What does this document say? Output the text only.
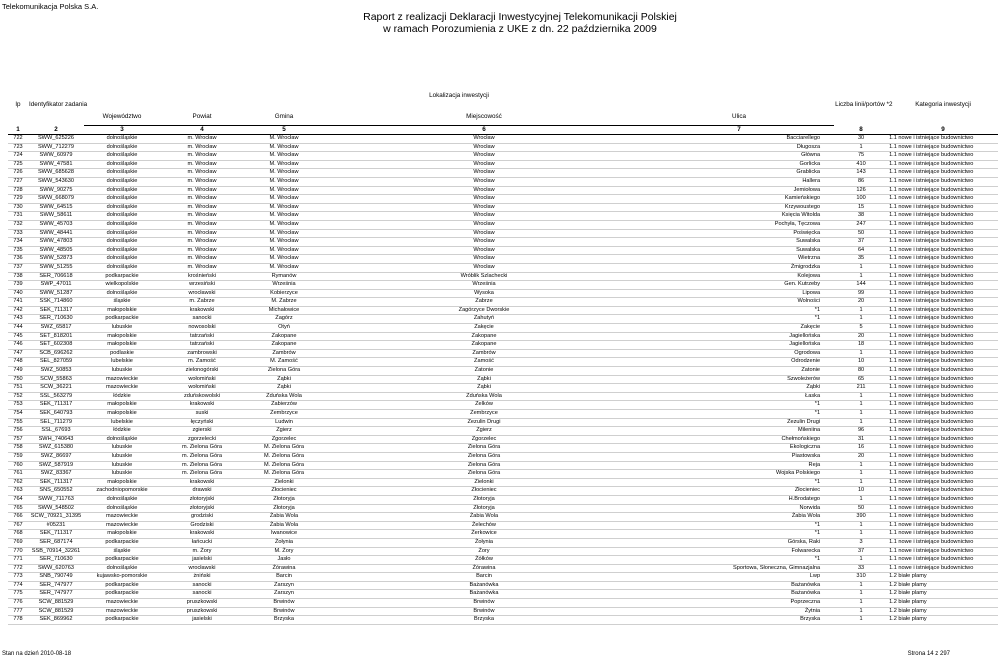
Telekomunikacja Polska S.A.
Raport z realizacji Deklaracji Inwestycyjnej Telekomunikacji Polskiej
w ramach Porozumienia z UKE z dn. 22 października 2009
lp	Identyfikator zadania	Lokalizacja inwestycji					Liczba linii/portów *2	Kategoria inwestycji
		Województwo	Powiat	Gmina	Miejscowość	Ulica		
1	2	3	4	5	6	7	8	9
722	SWW_625226	dolnośląskie	m. Wrocław	M. Wrocław	Wrocław	Bacciarellego	30	1.1 nowe i istniejące budownictwo
723	SWW_712279	dolnośląskie	m. Wrocław	M. Wrocław	Wrocław	Długosza	1	1.1 nowe i istniejące budownictwo
724	SWW_60979	dolnośląskie	m. Wrocław	M. Wrocław	Wrocław	Główna	75	1.1 nowe i istniejące budownictwo
725	SWW_47581	dolnośląskie	m. Wrocław	M. Wrocław	Wrocław	Gorlicka	410	1.1 nowe i istniejące budownictwo
726	SWW_685628	dolnośląskie	m. Wrocław	M. Wrocław	Wrocław	Grablicka	143	1.1 nowe i istniejące budownictwo
727	SWW_543630	dolnośląskie	m. Wrocław	M. Wrocław	Wrocław	Hallera	86	1.1 nowe i istniejące budownictwo
728	SWW_90275	dolnośląskie	m. Wrocław	M. Wrocław	Wrocław	Jemiołowa	126	1.1 nowe i istniejące budownictwo
729	SWW_668079	dolnośląskie	m. Wrocław	M. Wrocław	Wrocław	Kamieńskiego	100	1.1 nowe i istniejące budownictwo
730	SWW_64515	dolnośląskie	m. Wrocław	M. Wrocław	Wrocław	Krzywoustego	15	1.1 nowe i istniejące budownictwo
731	SWW_58611	dolnośląskie	m. Wrocław	M. Wrocław	Wrocław	Księcia Witolda	38	1.1 nowe i istniejące budownictwo
732	SWW_45703	dolnośląskie	m. Wrocław	M. Wrocław	Wrocław	Pochyła, Tęczowa	247	1.1 nowe i istniejące budownictwo
733	SWW_48441	dolnośląskie	m. Wrocław	M. Wrocław	Wrocław	Poświęcka	50	1.1 nowe i istniejące budownictwo
734	SWW_47803	dolnośląskie	m. Wrocław	M. Wrocław	Wrocław	Suwalska	37	1.1 nowe i istniejące budownictwo
735	SWW_48505	dolnośląskie	m. Wrocław	M. Wrocław	Wrocław	Suwalska	64	1.1 nowe i istniejące budownictwo
736	SWW_52873	dolnośląskie	m. Wrocław	M. Wrocław	Wrocław	Wietrzna	35	1.1 nowe i istniejące budownictwo
737	SWW_51255	dolnośląskie	m. Wrocław	M. Wrocław	Wrocław	Żmigrodzka	1	1.1 nowe i istniejące budownictwo
738	SER_706618	podkarpackie	krośnieński	Rymanów	Wróblik Szlachecki	Kolejowa	1	1.1 nowe i istniejące budownictwo
739	SWP_47011	wielkopolskie	wrzesiński	Września	Września	Gen. Kutrzeby	144	1.1 nowe i istniejące budownictwo
740	SWW_51287	dolnośląskie	wrocławski	Kobierzyce	Wysoka	Lipowa	99	1.1 nowe i istniejące budownictwo
741	SSK_714860	śląskie	m. Zabrze	M. Zabrze	Zabrze	Wolności	20	1.1 nowe i istniejące budownictwo
742	SEK_711317	małopolskie	krakowski	Michałowice	Zagórzyce Dworskie	*1	1	1.1 nowe i istniejące budownictwo
743	SER_710630	podkarpackie	sanocki	Zagórz	Zahutyń	*1	1	1.1 nowe i istniejące budownictwo
744	SWZ_65817	lubuskie	nowosolski	Otyń	Zakęcie	Zakęcie	5	1.1 nowe i istniejące budownictwo
745	SET_818201	małopolskie	tatrzański	Zakopane	Zakopane	Jagiellońska	20	1.1 nowe i istniejące budownictwo
746	SET_602308	małopolskie	tatrzański	Zakopane	Zakopane	Jagiellońska	18	1.1 nowe i istniejące budownictwo
747	SCB_696262	podlaskie	zambrowski	Zambrów	Zambrów	Ogrodowa	1	1.1 nowe i istniejące budownictwo
748	SEL_827059	lubelskie	m. Zamość	M. Zamość	Zamość	Odrodzenie	10	1.1 nowe i istniejące budownictwo
749	SWZ_50853	lubuskie	zielonogórski	Zielona Góra	Zatonie	Zatonie	80	1.1 nowe i istniejące budownictwo
750	SCW_55863	mazowieckie	wołomiński	Ząbki	Ząbki	Szwoleżerów	65	1.1 nowe i istniejące budownictwo
751	SCW_36221	mazowieckie	wołomiński	Ząbki	Ząbki	Ząbki	211	1.1 nowe i istniejące budownictwo
752	SSL_563279	łódzkie	zduńskowolski	Zduńska Wola	Zduńska Wola	Łaska	1	1.1 nowe i istniejące budownictwo
753	SEK_711317	małopolskie	krakowski	Zabierzów	Zelków	*1	1	1.1 nowe i istniejące budownictwo
754	SEK_640793	małopolskie	suski	Zembrzyce	Zembrzyce	*1	1	1.1 nowe i istniejące budownictwo
755	SEL_711279	lubelskie	łęczyński	Ludwin	Zezulin Drugi	Zezulin Drugi	1	1.1 nowe i istniejące budownictwo
756	SSL_67693	łódzkie	zgierski	Zgierz	Zgierz	Mileniina	96	1.1 nowe i istniejące budownictwo
757	SWH_740643	dolnośląskie	zgorzelecki	Zgorzelec	Zgorzelec	Chełmońskiego	31	1.1 nowe i istniejące budownictwo
758	SWZ_615380	lubuskie	m. Zielona Góra	M. Zielona Góra	Zielona Góra	Ekologiczna	16	1.1 nowe i istniejące budownictwo
759	SWZ_86697	lubuskie	m. Zielona Góra	M. Zielona Góra	Zielona Góra	Piastowska	20	1.1 nowe i istniejące budownictwo
760	SWZ_587919	lubuskie	m. Zielona Góra	M. Zielona Góra	Zielona Góra	Reja	1	1.1 nowe i istniejące budownictwo
761	SWZ_83367	lubuskie	m. Zielona Góra	M. Zielona Góra	Zielona Góra	Wojska Polskiego	1	1.1 nowe i istniejące budownictwo
762	SEK_711317	małopolskie	krakowski	Zielonki	Zielonki	*1	1	1.1 nowe i istniejące budownictwo
763	SNS_650552	zachodniopomorskie	drawski	Złocieniec	Złocieniec	Złocieniec	10	1.1 nowe i istniejące budownictwo
764	SWW_711763	dolnośląskie	złotoryjski	Złotoryja	Złotoryja	H.Brodatego	1	1.1 nowe i istniejące budownictwo
765	SWW_548502	dolnośląskie	złotoryjski	Złotoryja	Złotoryja	Norwida	50	1.1 nowe i istniejące budownictwo
766	SCW_70921_31395	mazowieckie	grodziski	Żabia Wola	Żabia Wola	Żabia Wola	390	1.1 nowe i istniejące budownictwo
767	#05231	mazowieckie	Grodziski	Żabia Wola	Żelechów	*1	1	1.1 nowe i istniejące budownictwo
768	SEK_711317	małopolskie	krakowski	Iwanowice	Żerkowice	*1	1	1.1 nowe i istniejące budownictwo
769	SER_687174	podkarpackie	łańcucki	Żołynia	Żołynia	Górska, Raki	3	1.1 nowe i istniejące budownictwo
770	SSB_70914_32261	śląskie	m. Żory	M. Żory	Żory	Folwarecka	37	1.1 nowe i istniejące budownictwo
771	SER_710630	podkarpackie	jasielski	Jasło	Żółków	*1	1	1.1 nowe i istniejące budownictwo
772	SWW_620763	dolnośląskie	wrocławski	Żórawina	Żórawina	Sportowa, Słoneczna, Gimnazjalna	33	1.1 nowe i istniejące budownictwo
773	SNB_790749	kujawsko-pomorskie	żniński	Barcin	Barcin	Lwp	310	1.2 białe plamy
774	SER_747977	podkarpackie	sanocki	Zarszyn	Bażanówka	Bażanówka	1	1.2 białe plamy
775	SER_747977	podkarpackie	sanocki	Zarszyn	Bażanówka	Bażanówka	1	1.2 białe plamy
776	SCW_881529	mazowieckie	pruszkowski	Brwinów	Brwinów	Poprzeczna	1	1.2 białe plamy
777	SCW_881529	mazowieckie	pruszkowski	Brwinów	Brwinów	Żytnia	1	1.2 białe plamy
778	SEK_869962	podkarpackie	jasielski	Brzyska	Brzyska	Brzyska	1	1.2 białe plamy
Stan na dzień 2010-08-18	Strona 14 z 297
